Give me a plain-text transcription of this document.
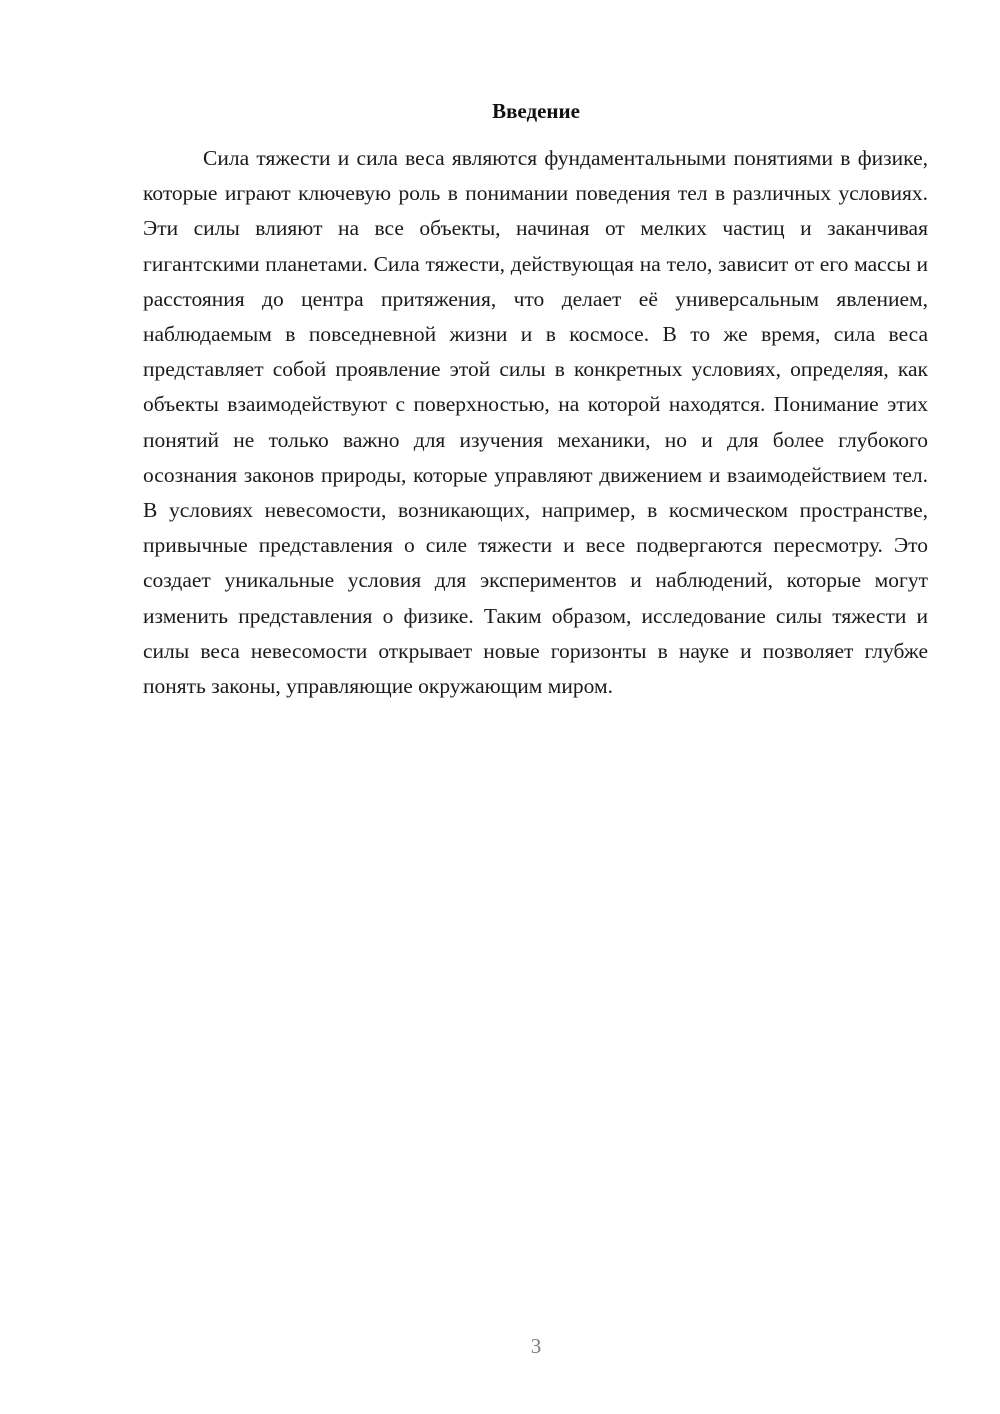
Введение

Сила тяжести и сила веса являются фундаментальными понятиями в физике, которые играют ключевую роль в понимании поведения тел в различных условиях. Эти силы влияют на все объекты, начиная от мелких частиц и заканчивая гигантскими планетами. Сила тяжести, действующая на тело, зависит от его массы и расстояния до центра притяжения, что делает её универсальным явлением, наблюдаемым в повседневной жизни и в космосе. В то же время, сила веса представляет собой проявление этой силы в конкретных условиях, определяя, как объекты взаимодействуют с поверхностью, на которой находятся. Понимание этих понятий не только важно для изучения механики, но и для более глубокого осознания законов природы, которые управляют движением и взаимодействием тел. В условиях невесомости, возникающих, например, в космическом пространстве, привычные представления о силе тяжести и весе подвергаются пересмотру. Это создает уникальные условия для экспериментов и наблюдений, которые могут изменить представления о физике. Таким образом, исследование силы тяжести и силы веса невесомости открывает новые горизонты в науке и позволяет глубже понять законы, управляющие окружающим миром.

3
